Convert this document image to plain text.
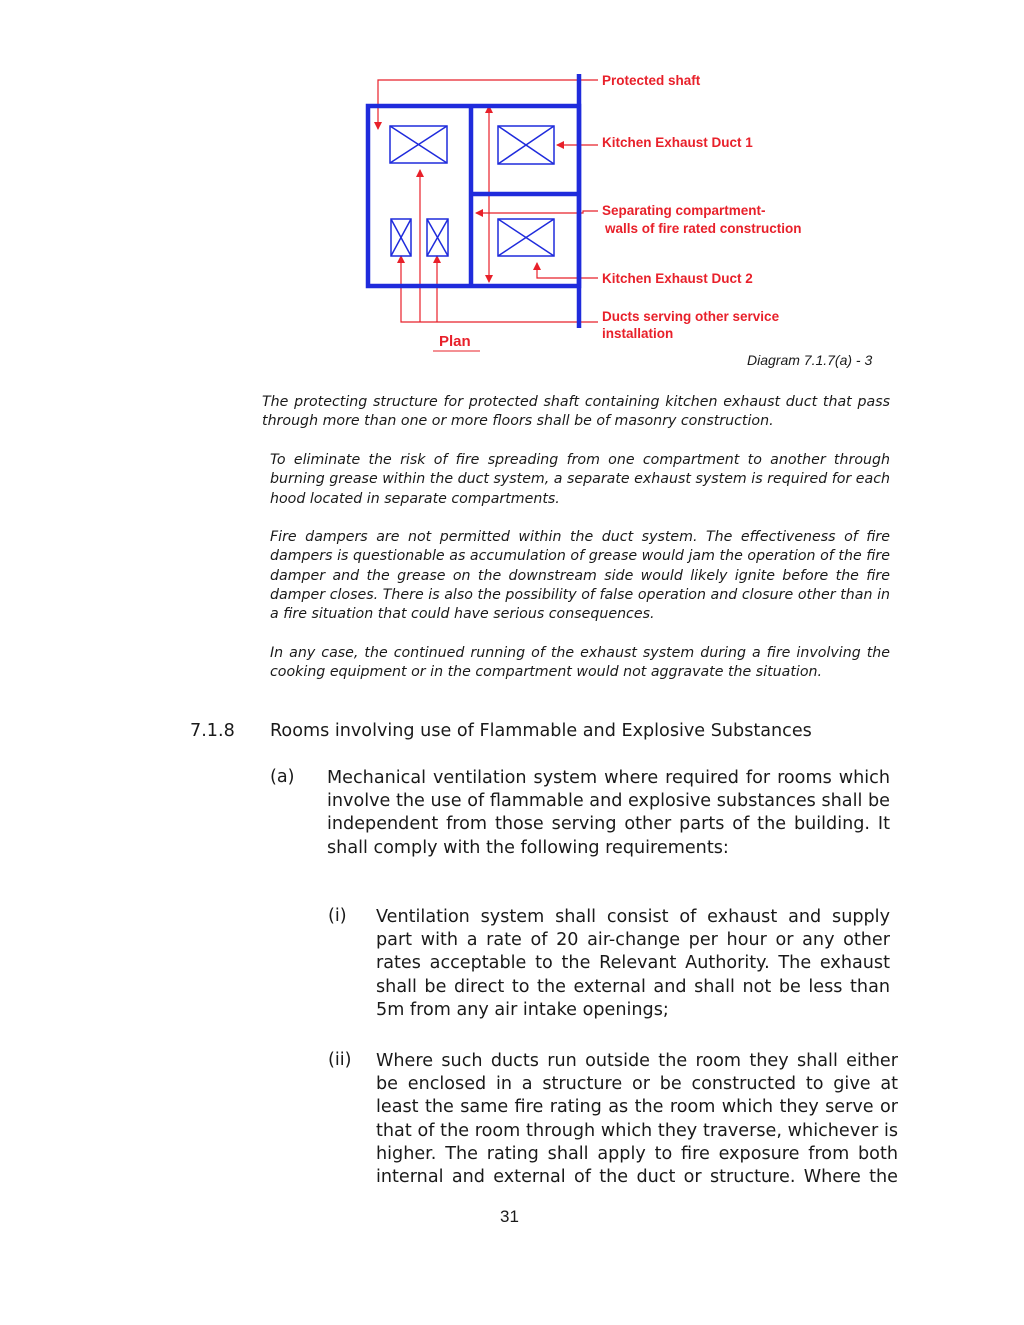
Protected shaft
Kitchen Exhaust Duct 1
Separating compartment-
walls of fire rated construction
Kitchen Exhaust Duct 2
Ducts serving other service
installation
Plan
Diagram 7.1.7(a) - 3
The protecting structure for protected shaft containing kitchen exhaust duct that pass through more than one or more floors shall be of masonry construction.
To eliminate the risk of fire spreading from one compartment to another through burning grease within the duct system, a separate exhaust system is required for each hood located in separate compartments.
Fire dampers are not permitted within the duct system. The effectiveness of fire dampers is questionable as accumulation of grease would jam the operation of the fire damper and the grease on the downstream side would likely ignite before the fire damper closes. There is also the possibility of false operation and closure other than in a fire situation that could have serious consequences.
In any case, the continued running of the exhaust system during a fire involving the cooking equipment or in the compartment would not aggravate the situation.
7.1.8 Rooms involving use of Flammable and Explosive Substances
(a) Mechanical ventilation system where required for rooms which involve the use of flammable and explosive substances shall be independent from those serving other parts of the building. It shall comply with the following requirements:
(i) Ventilation system shall consist of exhaust and supply part with a rate of 20 air-change per hour or any other rates acceptable to the Relevant Authority. The exhaust shall be direct to the external and shall not be less than 5m from any air intake openings;
(ii) Where such ducts run outside the room they shall either be enclosed in a structure or be constructed to give at least the same fire rating as the room which they serve or that of the room through which they traverse, whichever is higher. The rating shall apply to fire exposure from both internal and external of the duct or structure. Where the
31
